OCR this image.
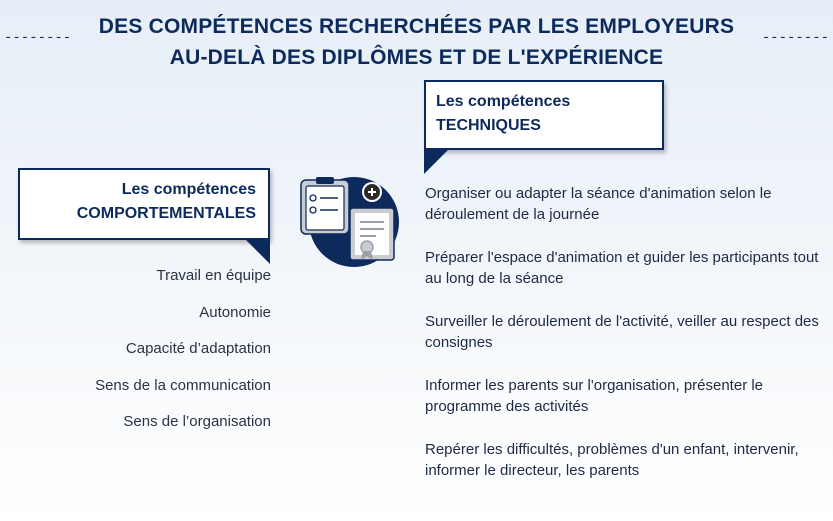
DES COMPÉTENCES RECHERCHÉES PAR LES EMPLOYEURS
AU-DELÀ DES DIPLÔMES ET DE L'EXPÉRIENCE
--------	--------
Les compétences
TECHNIQUES
Les compétences
COMPORTEMENTALES
Travail en équipe
Autonomie
Capacité d’adaptation
Sens de la communication
Sens de l’organisation
Organiser ou adapter la séance d'animation selon le déroulement de la journée
Préparer l'espace d'animation et guider les participants tout au long de la séance
Surveiller le déroulement de l'activité, veiller au respect des consignes
Informer les parents sur l'organisation, présenter le programme des activités
Repérer les difficultés, problèmes d'un enfant, intervenir, informer le directeur, les parents
